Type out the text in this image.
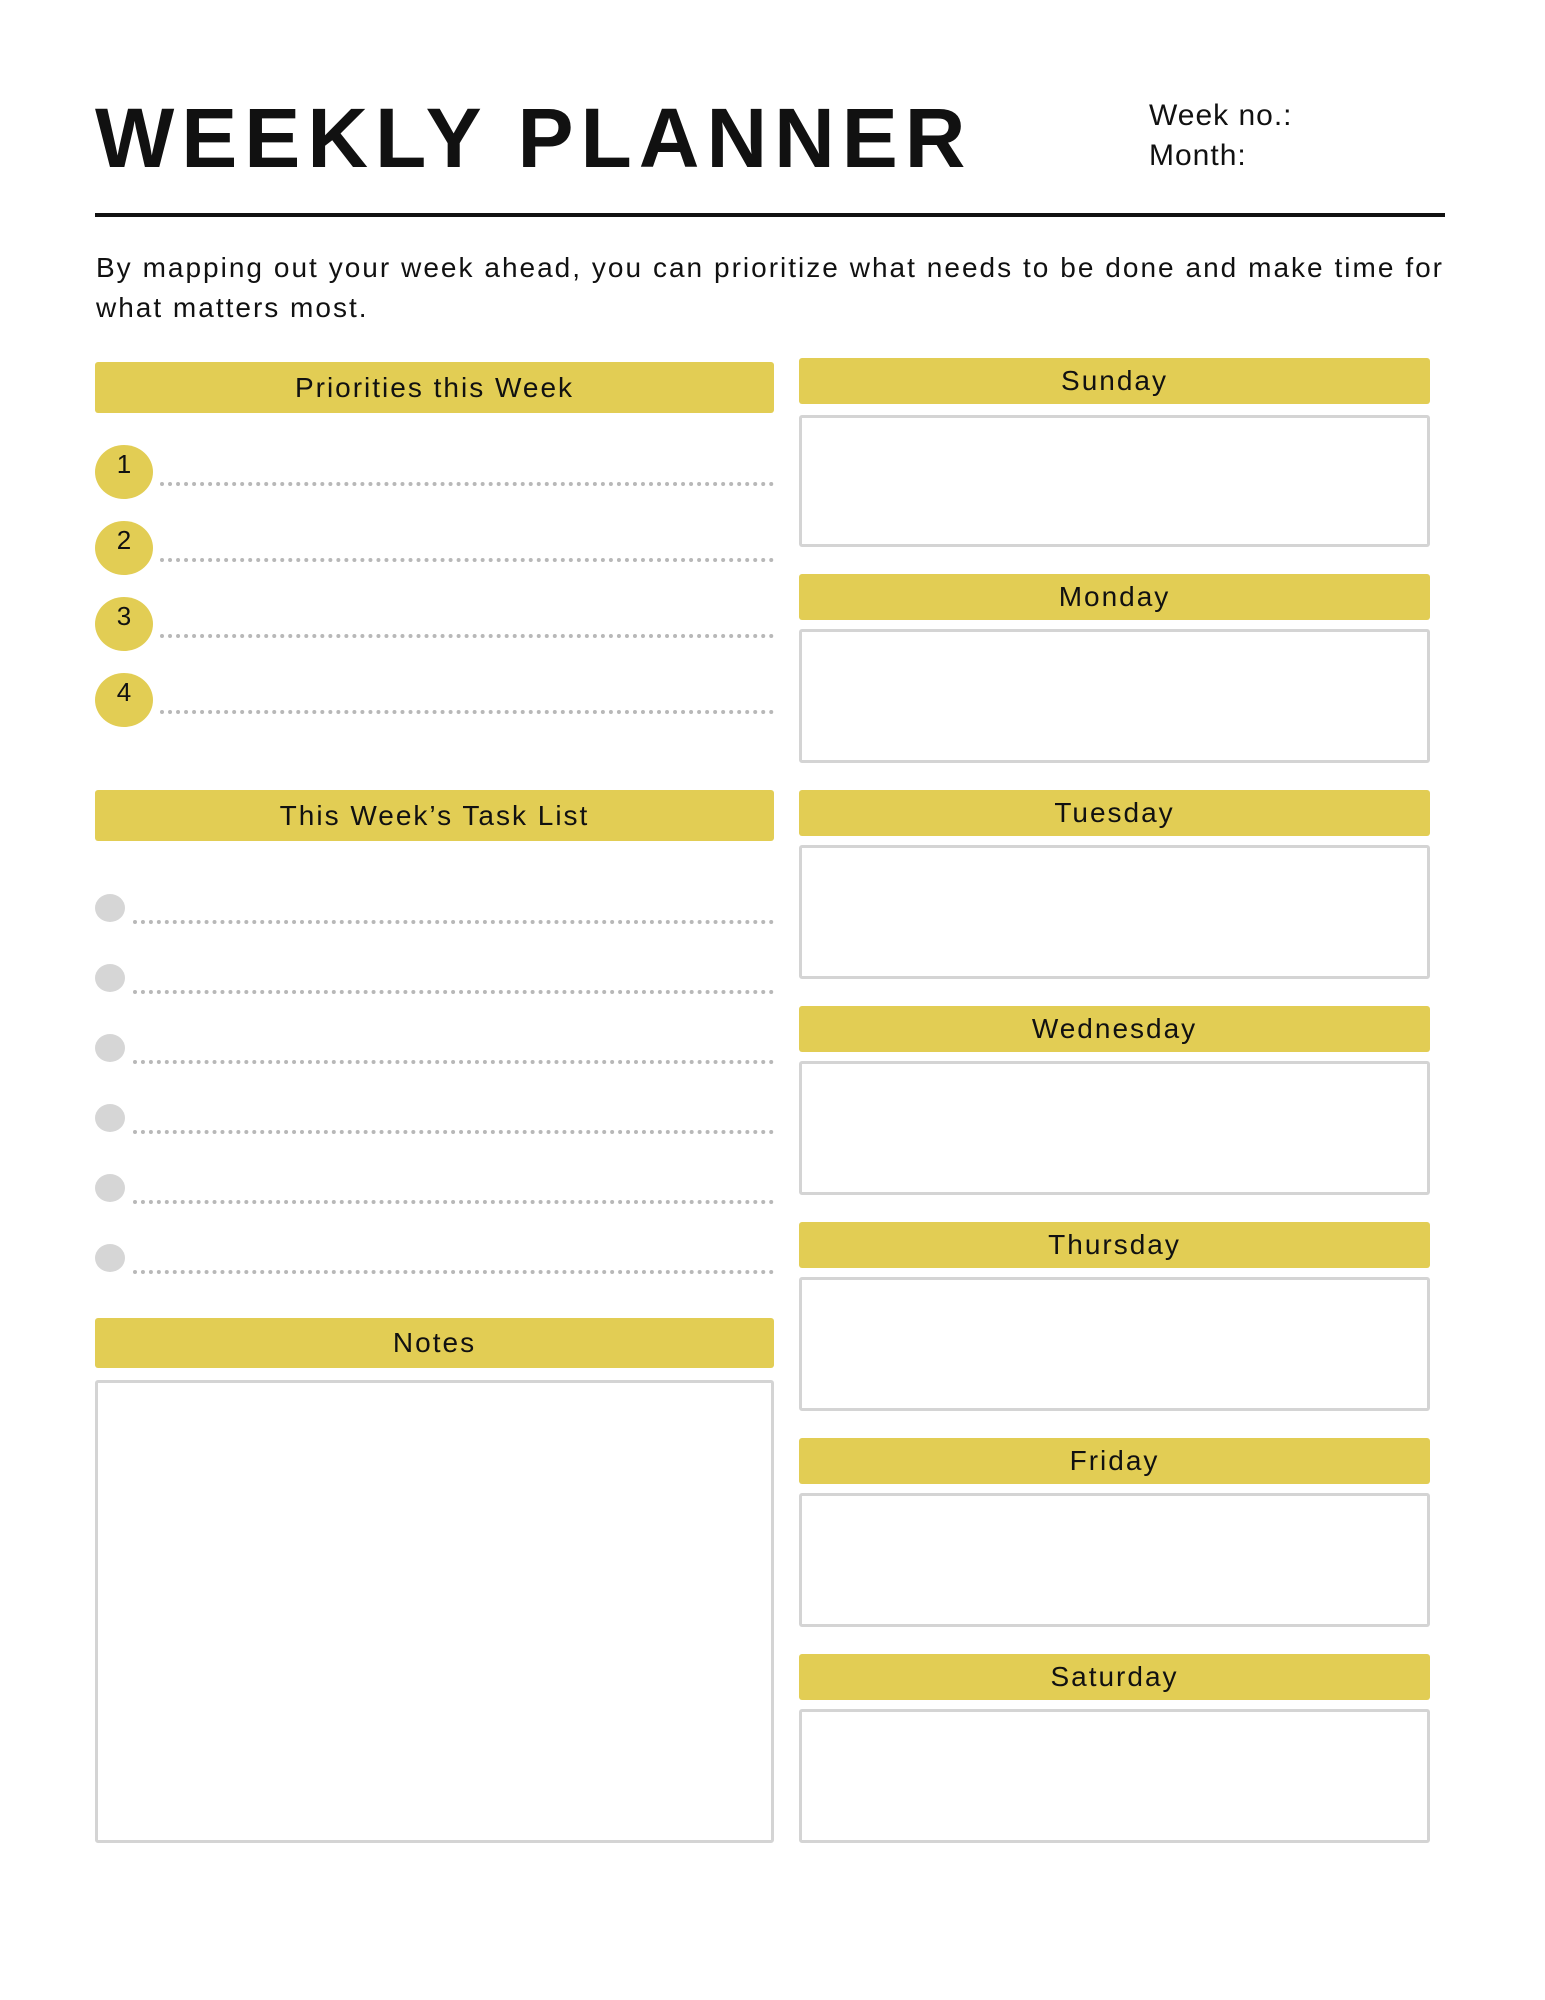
WEEKLY PLANNER	Week no.:
Month:

By mapping out your week ahead, you can prioritize what needs to be done and make time for what matters most.

Priorities this Week
1
2
3
4
This Week’s Task List
Notes
Sunday
Monday
Tuesday
Wednesday
Thursday
Friday
Saturday
